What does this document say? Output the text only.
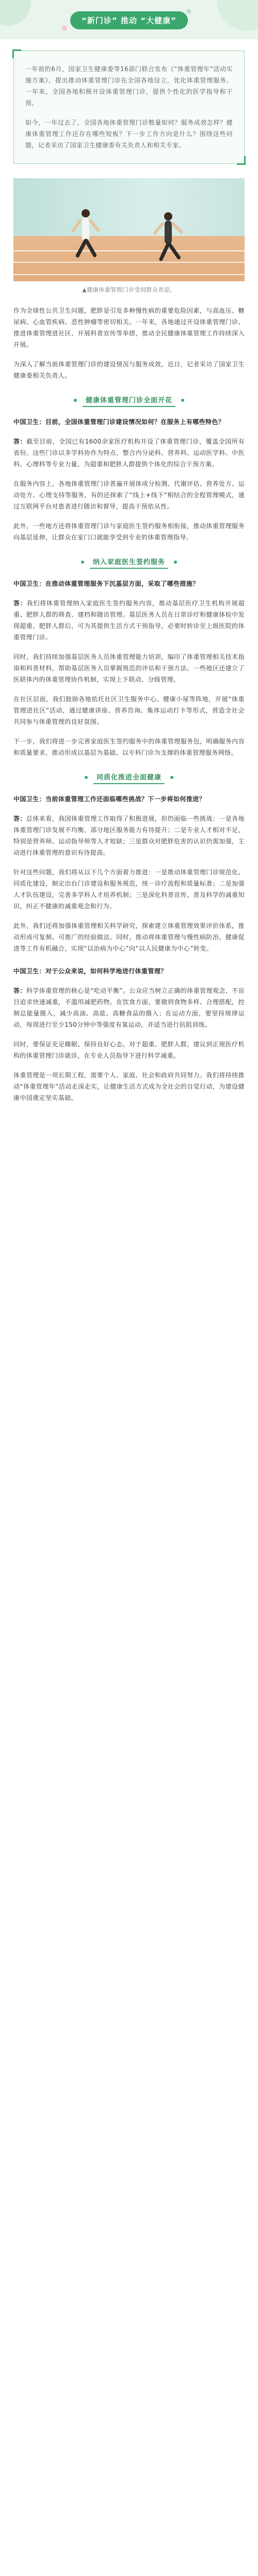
“新门诊” 推动 “大健康”

一年前的6月，国家卫生健康委等16部门联合发布《“体重管理年”活动实施方案》，提出推动体重管理门诊在全国各地设立，优化体重管理服务。一年来，全国各地积极开设体重管理门诊，提供个性化的医学指导和干预。

如今，一年过去了，全国各地体重管理门诊数量如何？服务成效怎样？健康体重管理工作还存在哪些短板？下一步工作方向是什么？围绕这些问题，记者采访了国家卫生健康委有关负责人和相关专家。

▲健康体重管理门诊受到群众欢迎。

作为全球性公共卫生问题，肥胖是引发多种慢性病的重要危险因素，与高血压、糖尿病、心血管疾病、恶性肿瘤等密切相关。一年来，各地通过开设体重管理门诊、推进体重管理进社区、开展科普宣传等举措，推动全民健康体重管理工作持续深入开展。

为深入了解当前体重管理门诊的建设情况与服务成效，近日，记者采访了国家卫生健康委相关负责人。

健康体重管理门诊全面开花

中国卫生：目前，全国体重管理门诊建设情况如何？在服务上有哪些特色？

答：截至目前，全国已有1600余家医疗机构开设了体重管理门诊，覆盖全国所有省份。这些门诊以多学科协作为特点，整合内分泌科、营养科、运动医学科、中医科、心理科等专业力量，为超重和肥胖人群提供个体化的综合干预方案。

在服务内容上，各地体重管理门诊普遍开展体成分检测、代谢评估、营养处方、运动处方、心理支持等服务，有的还探索了“线上+线下”相结合的全程管理模式，通过互联网平台对患者进行随访和督导，提高干预依从性。

此外，一些地方还将体重管理门诊与家庭医生签约服务相衔接，推动体重管理服务向基层延伸，让群众在家门口就能享受到专业的体重管理指导。

纳入家庭医生签约服务

中国卫生：在推动体重管理服务下沉基层方面，采取了哪些措施？

答：我们将体重管理纳入家庭医生签约服务内容，推动基层医疗卫生机构开展超重、肥胖人群的筛查、建档和随访管理。基层医务人员在日常诊疗和健康体检中发现超重、肥胖人群后，可为其提供生活方式干预指导，必要时转诊至上级医院的体重管理门诊。

同时，我们持续加强基层医务人员体重管理能力培训，编印了体重管理相关技术指南和科普材料，帮助基层医务人员掌握规范的评估和干预方法。一些地区还建立了医联体内的体重管理协作机制，实现上下联动、分级管理。

在社区层面，我们鼓励各地依托社区卫生服务中心、健康小屋等阵地，开展“体重管理进社区”活动，通过健康讲座、营养咨询、集体运动打卡等形式，营造全社会共同参与体重管理的良好氛围。

下一步，我们将进一步完善家庭医生签约服务中的体重管理服务包，明确服务内容和质量要求，推动形成以基层为基础、以专科门诊为支撑的体重管理服务网络。

同质化推进全面健康

中国卫生：当前体重管理工作还面临哪些挑战？下一步将如何推进？

答：总体来看，我国体重管理工作取得了积极进展，但仍面临一些挑战：一是各地体重管理门诊发展不均衡，部分地区服务能力有待提升；二是专业人才相对不足，特别是营养师、运动指导师等人才短缺；三是群众对肥胖危害的认识仍需加强，主动进行体重管理的意识有待提高。

针对这些问题，我们将从以下几个方面着力推进：一是推动体重管理门诊规范化、同质化建设，制定出台门诊建设和服务规范，统一诊疗流程和质量标准；二是加强人才队伍建设，完善多学科人才培养机制；三是深化科普宣传，普及科学的减重知识，纠正不健康的减重观念和行为。

此外，我们还将加强体重管理相关科学研究，探索建立体重管理效果评价体系，推动形成可复制、可推广的经验做法。同时，推动将体重管理与慢性病防治、健康促进等工作有机融合，实现“以治病为中心”向“以人民健康为中心”转变。

中国卫生：对于公众来说，如何科学地进行体重管理？

答：科学体重管理的核心是“吃动平衡”。公众应当树立正确的体重管理观念，不盲目追求快速减重，不滥用减肥药物。在饮食方面，要做到食物多样、合理搭配，控制总能量摄入，减少高油、高盐、高糖食品的摄入；在运动方面，要坚持规律运动，每周进行至少150分钟中等强度有氧运动，并适当进行抗阻训练。

同时，要保证充足睡眠、保持良好心态。对于超重、肥胖人群，建议到正规医疗机构的体重管理门诊就诊，在专业人员指导下进行科学减重。

体重管理是一项长期工程，需要个人、家庭、社会和政府共同努力。我们将持续推动“体重管理年”活动走深走实，让健康生活方式成为全社会的自觉行动，为建设健康中国奠定坚实基础。
